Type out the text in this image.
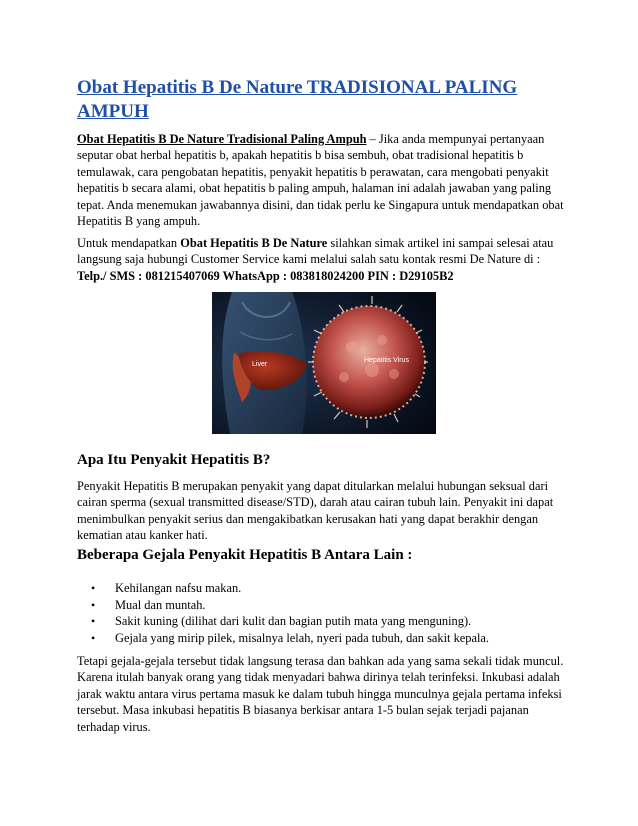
Obat Hepatitis B De Nature TRADISIONAL PALING AMPUH

Obat Hepatitis B De Nature Tradisional Paling Ampuh – Jika anda mempunyai pertanyaan seputar obat herbal hepatitis b, apakah hepatitis b bisa sembuh, obat tradisional hepatitis b temulawak, cara pengobatan hepatitis, penyakit hepatitis b perawatan, cara mengobati penyakit hepatitis b secara alami, obat hepatitis b paling ampuh, halaman ini adalah jawaban yang paling tepat. Anda menemukan jawabannya disini, dan tidak perlu ke Singapura untuk mendapatkan obat Hepatitis B yang ampuh.

Untuk mendapatkan Obat Hepatitis B De Nature silahkan simak artikel ini sampai selesai atau langsung saja hubungi Customer Service kami melalui salah satu kontak resmi De Nature di :
Telp./ SMS : 081215407069 WhatsApp : 083818024200 PIN : D29105B2

Liver
Hepatitis Virus
Apa Itu Penyakit Hepatitis B?

Penyakit Hepatitis B merupakan penyakit yang dapat ditularkan melalui hubungan seksual dari cairan sperma (sexual transmitted disease/STD), darah atau cairan tubuh lain. Penyakit ini dapat menimbulkan penyakit serius dan mengakibatkan kerusakan hati yang dapat berakhir dengan kematian atau kanker hati.

Beberapa Gejala Penyakit Hepatitis B Antara Lain :
• Kehilangan nafsu makan.
• Mual dan muntah.
• Sakit kuning (dilihat dari kulit dan bagian putih mata yang menguning).
• Gejala yang mirip pilek, misalnya lelah, nyeri pada tubuh, dan sakit kepala.

Tetapi gejala-gejala tersebut tidak langsung terasa dan bahkan ada yang sama sekali tidak muncul. Karena itulah banyak orang yang tidak menyadari bahwa dirinya telah terinfeksi. Inkubasi adalah jarak waktu antara virus pertama masuk ke dalam tubuh hingga munculnya gejala pertama infeksi tersebut. Masa inkubasi hepatitis B biasanya berkisar antara 1-5 bulan sejak terjadi pajanan terhadap virus.
